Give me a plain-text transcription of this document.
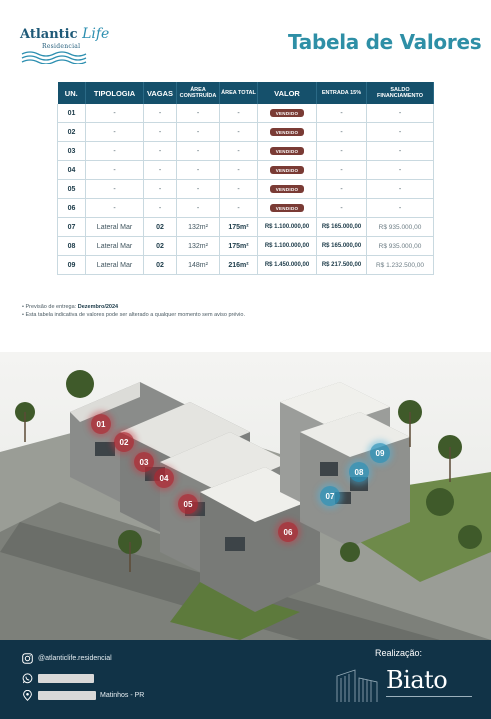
Atlantic Life
Residencial	Tabela de Valores
UN.	TIPOLOGIA	VAGAS	ÁREA CONSTRUÍDA	ÁREA TOTAL	VALOR	ENTRADA 15%	SALDO FINANCIAMENTO
01	-	-	-	-	VENDIDO	-	-
02	-	-	-	-	VENDIDO	-	-
03	-	-	-	-	VENDIDO	-	-
04	-	-	-	-	VENDIDO	-	-
05	-	-	-	-	VENDIDO	-	-
06	-	-	-	-	VENDIDO	-	-
07	Lateral Mar	02	132m²	175m²	R$ 1.100.000,00	R$ 165.000,00	R$ 935.000,00
08	Lateral Mar	02	132m²	175m²	R$ 1.100.000,00	R$ 165.000,00	R$ 935.000,00
09	Lateral Mar	02	148m²	216m²	R$ 1.450.000,00	R$ 217.500,00	R$ 1.232.500,00
• Previsão de entrega: Dezembro/2024
• Esta tabela indicativa de valores pode ser alterado a qualquer momento sem aviso prévio.
01
02
03
04
05
06
07
08
09
@atlanticlife.residencial
Matinhos - PR
Realização:
Biato
